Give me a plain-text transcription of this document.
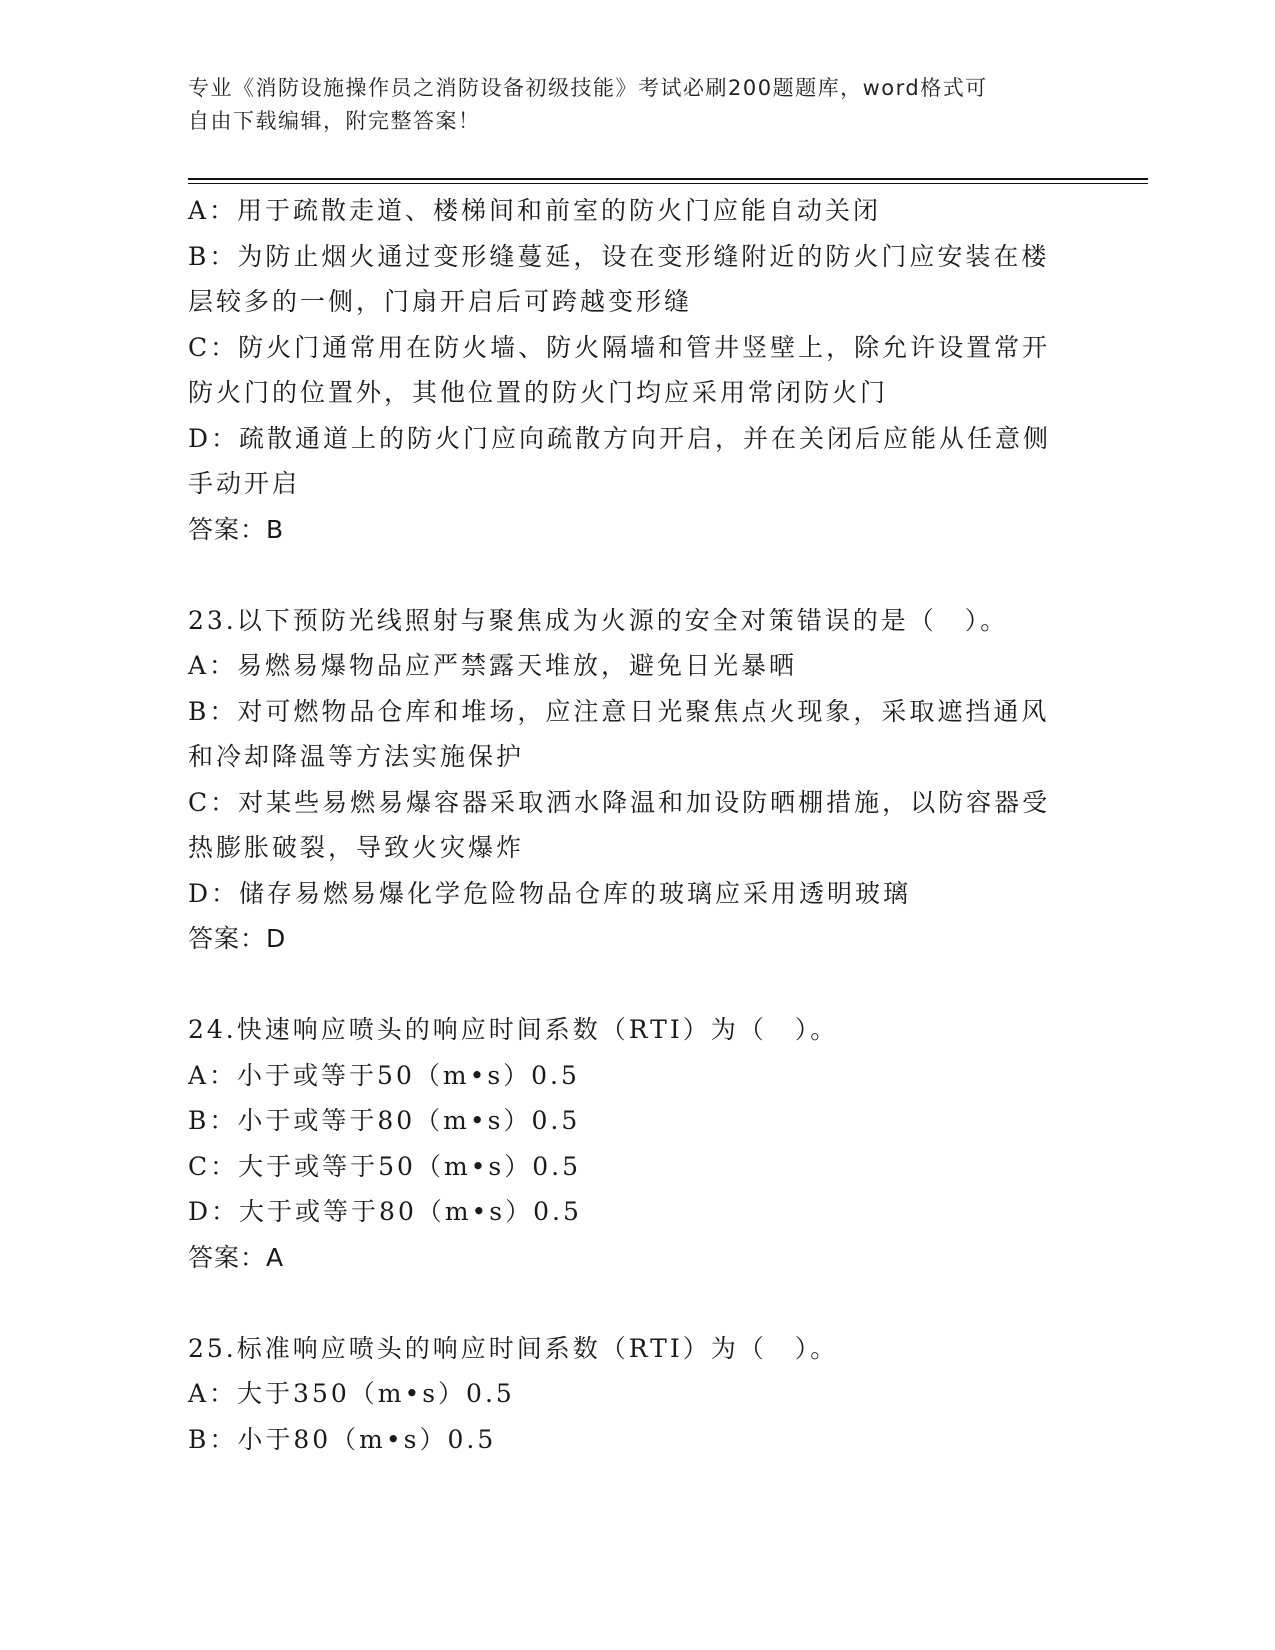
专业《消防设施操作员之消防设备初级技能》考试必刷200题题库，word格式可
自由下载编辑，附完整答案！

A：用于疏散走道、楼梯间和前室的防火门应能自动关闭

B：为防止烟火通过变形缝蔓延，设在变形缝附近的防火门应安装在楼

层较多的一侧，门扇开启后可跨越变形缝

C：防火门通常用在防火墙、防火隔墙和管井竖壁上，除允许设置常开

防火门的位置外，其他位置的防火门均应采用常闭防火门

D：疏散通道上的防火门应向疏散方向开启，并在关闭后应能从任意侧

手动开启

答案：B

23.以下预防光线照射与聚焦成为火源的安全对策错误的是（　）。

A：易燃易爆物品应严禁露天堆放，避免日光暴晒

B：对可燃物品仓库和堆场，应注意日光聚焦点火现象，采取遮挡通风

和冷却降温等方法实施保护

C：对某些易燃易爆容器采取洒水降温和加设防晒棚措施，以防容器受

热膨胀破裂，导致火灾爆炸

D：储存易燃易爆化学危险物品仓库的玻璃应采用透明玻璃

答案：D

24.快速响应喷头的响应时间系数（RTI）为（　）。

A：小于或等于50（m•s）0.5

B：小于或等于80（m•s）0.5

C：大于或等于50（m•s）0.5

D：大于或等于80（m•s）0.5

答案：A

25.标准响应喷头的响应时间系数（RTI）为（　）。

A：大于350（m•s）0.5

B：小于80（m•s）0.5
